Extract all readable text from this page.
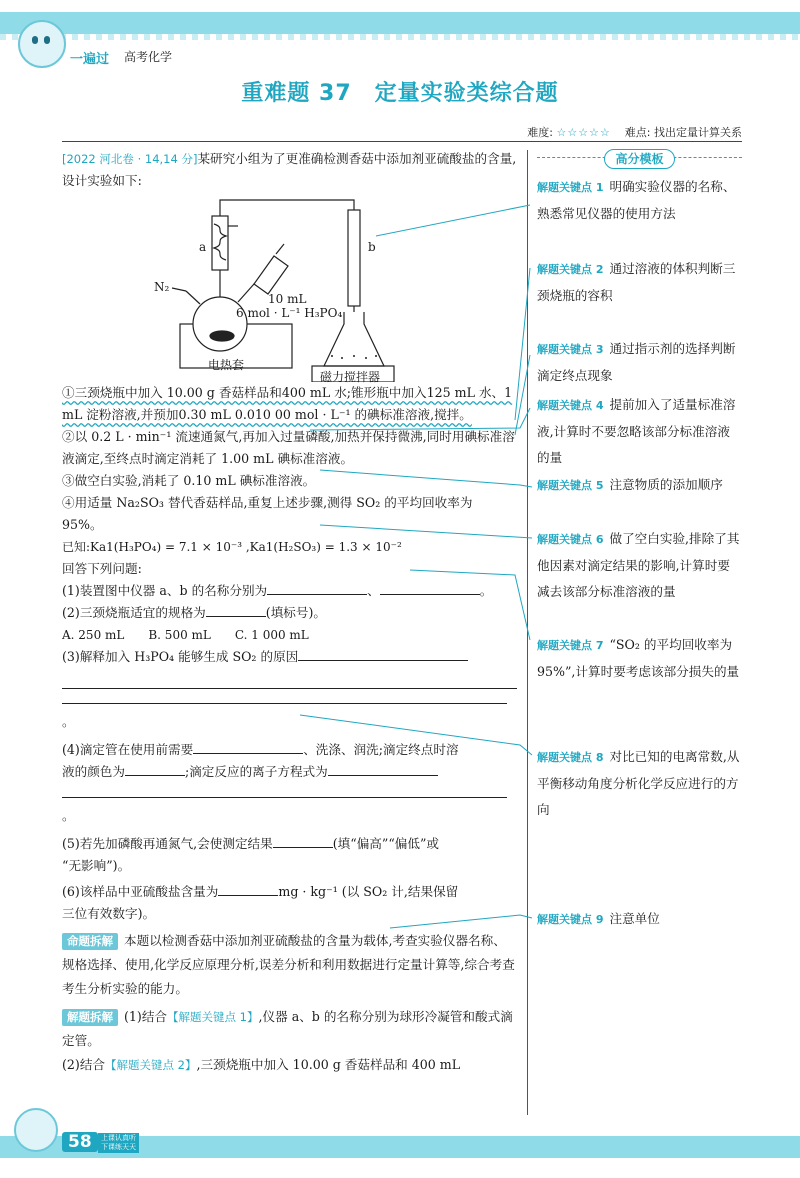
一遍过 高考化学
重难题 37　定量实验类综合题
难度: ☆☆☆☆☆ 难点: 找出定量计算关系

[2022 河北卷 · 14,14 分]某研究小组为了更准确检测香菇中添加剂亚硫酸盐的含量,设计实验如下:

a	b
N₂
10 mL
6 mol · L⁻¹ H₃PO₄
电热套
磁力搅拌器

①三颈烧瓶中加入 10.00 g 香菇样品和400 mL 水;锥形瓶中加入125 mL 水、1 mL 淀粉溶液,并预加0.30 mL 0.010 00 mol · L⁻¹ 的碘标准溶液,搅拌。

②以 0.2 L · min⁻¹ 流速通氮气,再加入过量磷酸,加热并保持微沸,同时用碘标准溶液滴定,至终点时滴定消耗了 1.00 mL 碘标准溶液。

③做空白实验,消耗了 0.10 mL 碘标准溶液。

④用适量 Na₂SO₃ 替代香菇样品,重复上述步骤,测得 SO₂ 的平均回收率为 95%。

已知:Ka1(H₃PO₄) = 7.1 × 10⁻³ ,Ka1(H₂SO₃) = 1.3 × 10⁻²

回答下列问题:

(1)装置图中仪器 a、b 的名称分别为	、	。

(2)三颈烧瓶适宜的规格为	(填标号)。

A. 250 mL　　B. 500 mL　　C. 1 000 mL

(3)解释加入 H₃PO₄ 能够生成 SO₂ 的原因

。

(4)滴定管在使用前需要	、洗涤、润洗;滴定终点时溶

液的颜色为	;滴定反应的离子方程式为

。

(5)若先加磷酸再通氮气,会使测定结果	(填“偏高”“偏低”或

“无影响”)。

(6)该样品中亚硫酸盐含量为	mg · kg⁻¹ (以 SO₂ 计,结果保留

三位有效数字)。

命题拆解 本题以检测香菇中添加剂亚硫酸盐的含量为载体,考查实验仪器名称、规格选择、使用,化学反应原理分析,误差分析和利用数据进行定量计算等,综合考查考生分析实验的能力。

解题拆解 (1)结合【解题关键点 1】,仪器 a、b 的名称分别为球形冷凝管和酸式滴定管。

(2)结合【解题关键点 2】,三颈烧瓶中加入 10.00 g 香菇样品和 400 mL

高分模板
解题关键点 1 明确实验仪器的名称、熟悉常见仪器的使用方法
解题关键点 2 通过溶液的体积判断三颈烧瓶的容积
解题关键点 3 通过指示剂的选择判断滴定终点现象
解题关键点 4 提前加入了适量标准溶液,计算时不要忽略该部分标准溶液的量
解题关键点 5 注意物质的添加顺序
解题关键点 6 做了空白实验,排除了其他因素对滴定结果的影响,计算时要减去该部分标准溶液的量
解题关键点 7 “SO₂ 的平均回收率为 95%”,计算时要考虑该部分损失的量
解题关键点 8 对比已知的电离常数,从平衡移动角度分析化学反应进行的方向
解题关键点 9 注意单位
58	上课认真听
下课练天天
